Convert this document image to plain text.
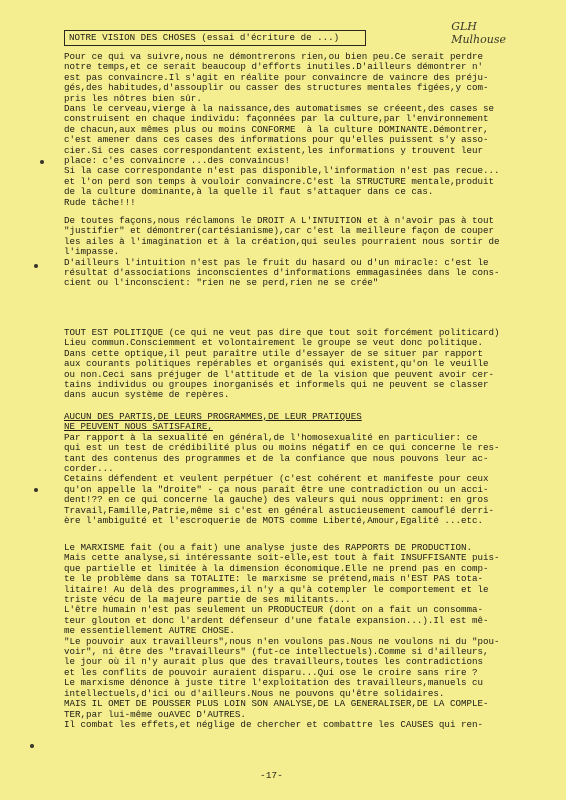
NOTRE VISION DES CHOSES (essai d'écriture de ...)
GLH
Mulhouse
Pour ce qui va suivre,nous ne démontrerons rien,ou bien peu.Ce serait perdre
notre temps,et ce serait beaucoup d'efforts inutiles.D'ailleurs démontrer n'
est pas convaincre.Il s'agit en réalite pour convaincre de vaincre des préju-
gés,des habitudes,d'assouplir ou casser des structures mentales figées,y com-
pris les nôtres bien sûr.
Dans le cerveau,vierge à la naissance,des automatismes se créeent,des cases se
construisent en chaque individu: façonnées par la culture,par l'environnement
de chacun,aux mêmes plus ou moins CONFORME  à la culture DOMINANTE.Démontrer,
c'est amener dans ces cases des informations pour qu'elles puissent s'y asso-
cier.Si ces cases correspondantent existent,les informations y trouvent leur
place: c'es convaincre ...des convaincus!
Si la case correspondante n'est pas disponible,l'information n'est pas recue...
et l'on perd son temps à vouloir convaincre.C'est la STRUCTURE mentale,produit
de la culture dominante,à la quelle il faut s'attaquer dans ce cas.
Rude tâche!!!
De toutes façons,nous réclamons le DROIT A L'INTUITION et à n'avoir pas à tout
"justifier" et démontrer(cartésianisme),car c'est la meilleure façon de couper
les ailes à l'imagination et à la création,qui seules pourraient nous sortir de
l'impasse.
D'ailleurs l'intuition n'est pas le fruit du hasard ou d'un miracle: c'est le
résultat d'associations inconscientes d'informations emmagasinées dans le cons-
cient ou l'inconscient: "rien ne se perd,rien ne se crée"
TOUT EST POLITIQUE (ce qui ne veut pas dire que tout soit forcément politicard)
Lieu commun.Consciemment et volontairement le groupe se veut donc politique.
Dans cette optique,il peut paraître utile d'essayer de se situer par rapport
aux courants politiques repérables et organisés qui existent,qu'on le veuille
ou non.Ceci sans préjuger de l'attitude et de la vision que peuvent avoir cer-
tains individus ou groupes inorganisés et informels qui ne peuvent se classer
dans aucun système de repères.
AUCUN DES PARTIS,DE LEURS PROGRAMMES,DE LEUR PRATIQUES
NE PEUVENT NOUS SATISFAIRE,
Par rapport à la sexualité en général,de l'homosexualité en particulier: ce
qui est un test de crédibilité plus ou moins négatif en ce qui concerne le res-
tant des contenus des programmes et de la confiance que nous pouvons leur ac-
corder...
Cetains défendent et veulent perpétuer (c'est cohérent et manifeste pour ceux
qu'on appelle la "droite" - ça nous paraît être une contradiction ou un acci-
dent!?? en ce qui concerne la gauche) des valeurs qui nous oppriment: en gros
Travail,Famille,Patrie,même si c'est en général astucieusement camouflé derri-
ère l'ambiguïté et l'escroquerie de MOTS comme Liberté,Amour,Egalité ...etc.
Le MARXISME fait (ou a fait) une analyse juste des RAPPORTS DE PRODUCTION.
Mais cette analyse,si intéressante soit-elle,est tout à fait INSUFFISANTE puis-
que partielle et limitée à la dimension économique.Elle ne prend pas en comp-
te le problème dans sa TOTALITE: le marxisme se prétend,mais n'EST PAS tota-
litaire! Au delà des programmes,il n'y a qu'à cotempler le comportement et le
triste vécu de la majeure partie de ses militants...
L'être humain n'est pas seulement un PRODUCTEUR (dont on a fait un consomma-
teur glouton et donc l'ardent défenseur d'une fatale expansion...).Il est mê-
me essentiellement AUTRE CHOSE.
"Le pouvoir aux travailleurs",nous n'en voulons pas.Nous ne voulons ni du "pou-
voir", ni être des "travailleurs" (fut-ce intellectuels).Comme si d'ailleurs,
le jour où il n'y aurait plus que des travailleurs,toutes les contradictions
et les conflits de pouvoir auraient disparu...Qui ose le croire sans rire ?
Le marxisme dénonce à juste titre l'exploitation des travailleurs,manuels cu
intellectuels,d'ici ou d'ailleurs.Nous ne pouvons qu'être solidaires.
MAIS IL OMET DE POUSSER PLUS LOIN SON ANALYSE,DE LA GENERALISER,DE LA COMPLE-
TER,par lui-même ouAVEC D'AUTRES.
Il combat les effets,et néglige de chercher et combattre les CAUSES qui ren-
-17-
